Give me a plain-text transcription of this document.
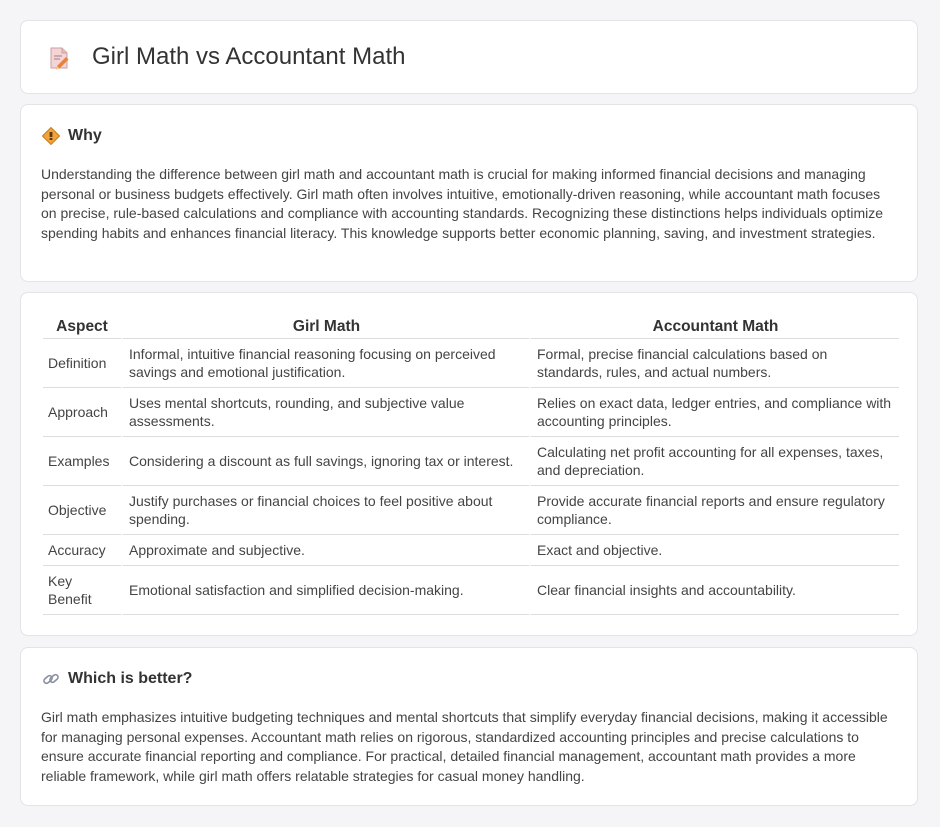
Girl Math vs Accountant Math
Why

Understanding the difference between girl math and accountant math is crucial for making informed financial decisions and managing personal or business budgets effectively. Girl math often involves intuitive, emotionally-driven reasoning, while accountant math focuses on precise, rule-based calculations and compliance with accounting standards. Recognizing these distinctions helps individuals optimize spending habits and enhances financial literacy. This knowledge supports better economic planning, saving, and investment strategies.

Aspect	Girl Math	Accountant Math
Definition	Informal, intuitive financial reasoning focusing on perceived savings and emotional justification.	Formal, precise financial calculations based on standards, rules, and actual numbers.
Approach	Uses mental shortcuts, rounding, and subjective value assessments.	Relies on exact data, ledger entries, and compliance with accounting principles.
Examples	Considering a discount as full savings, ignoring tax or interest.	Calculating net profit accounting for all expenses, taxes, and depreciation.
Objective	Justify purchases or financial choices to feel positive about spending.	Provide accurate financial reports and ensure regulatory compliance.
Accuracy	Approximate and subjective.	Exact and objective.
Key Benefit	Emotional satisfaction and simplified decision-making.	Clear financial insights and accountability.
Which is better?

Girl math emphasizes intuitive budgeting techniques and mental shortcuts that simplify everyday financial decisions, making it accessible for managing personal expenses. Accountant math relies on rigorous, standardized accounting principles and precise calculations to ensure accurate financial reporting and compliance. For practical, detailed financial management, accountant math provides a more reliable framework, while girl math offers relatable strategies for casual money handling.
